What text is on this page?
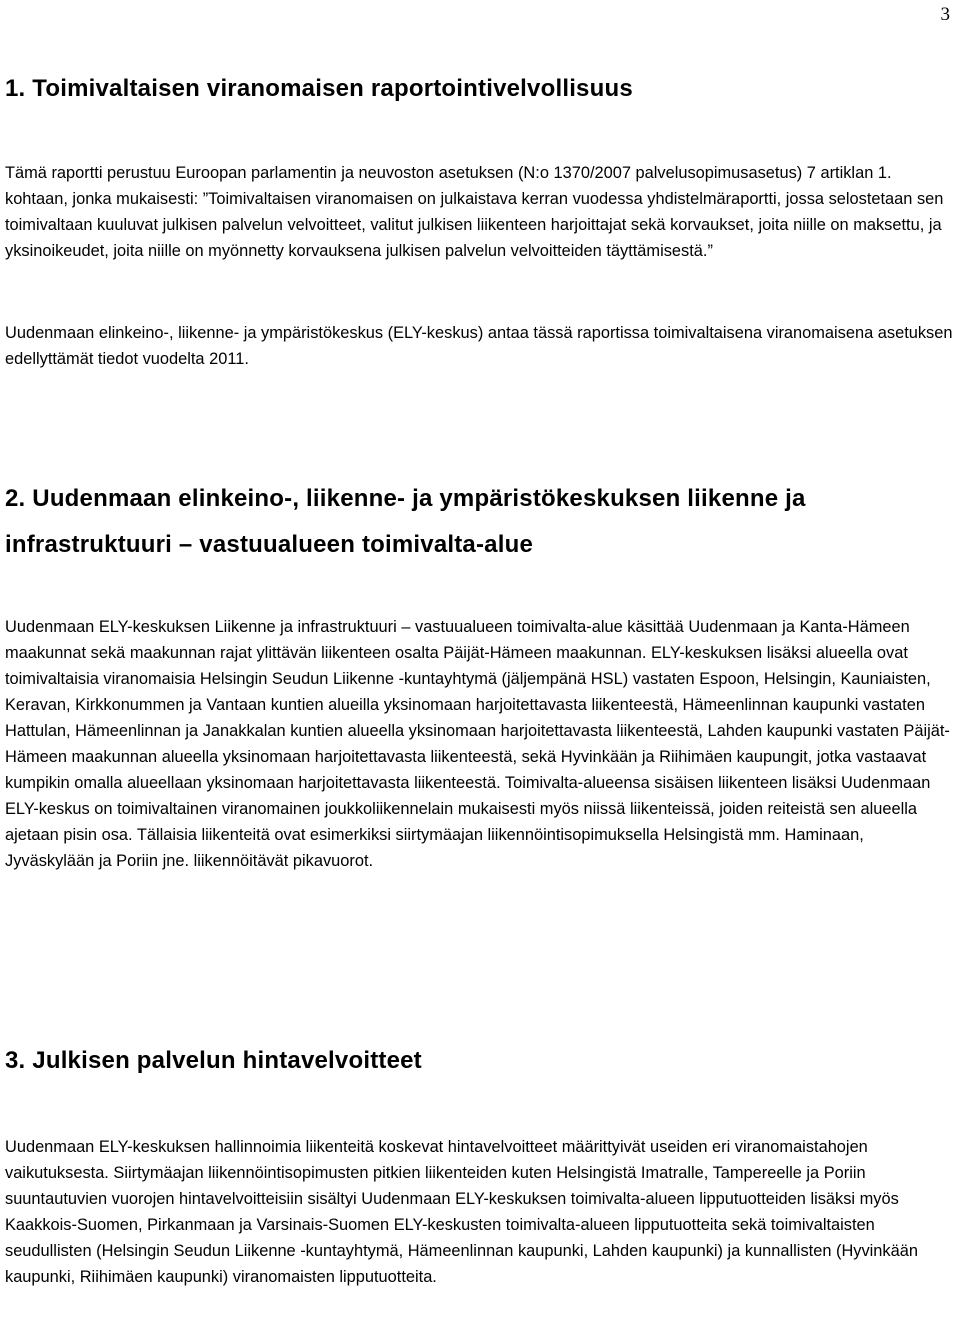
3
1. Toimivaltaisen viranomaisen raportointivelvollisuus

Tämä raportti perustuu Euroopan parlamentin ja neuvoston asetuksen (N:o 1370/2007 palvelusopimusasetus) 7 artiklan 1. kohtaan, jonka mukaisesti: ”Toimivaltaisen viranomaisen on julkaistava kerran vuodessa yhdistelmäraportti, jossa selostetaan sen toimivaltaan kuuluvat julkisen palvelun velvoitteet, valitut julkisen liikenteen harjoittajat sekä korvaukset, joita niille on maksettu, ja yksinoikeudet, joita niille on myönnetty korvauksena julkisen palvelun velvoitteiden täyttämisestä.”

Uudenmaan elinkeino-, liikenne- ja ympäristökeskus (ELY-keskus) antaa tässä raportissa toimivaltaisena viranomaisena asetuksen edellyttämät tiedot vuodelta 2011.

2. Uudenmaan elinkeino-, liikenne- ja ympäristökeskuksen liikenne ja infrastruktuuri – vastuualueen toimivalta-alue

Uudenmaan ELY-keskuksen Liikenne ja infrastruktuuri – vastuualueen toimivalta-alue käsittää Uudenmaan ja Kanta-Hämeen maakunnat sekä maakunnan rajat ylittävän liikenteen osalta Päijät-Hämeen maakunnan. ELY-keskuksen lisäksi alueella ovat toimivaltaisia viranomaisia Helsingin Seudun Liikenne -kuntayhtymä (jäljempänä HSL) vastaten Espoon, Helsingin, Kauniaisten, Keravan, Kirkkonummen ja Vantaan kuntien alueilla yksinomaan harjoitettavasta liikenteestä, Hämeenlinnan kaupunki vastaten Hattulan, Hämeenlinnan ja Janakkalan kuntien alueella yksinomaan harjoitettavasta liikenteestä, Lahden kaupunki vastaten Päijät-Hämeen maakunnan alueella yksinomaan harjoitettavasta liikenteestä, sekä Hyvinkään ja Riihimäen kaupungit, jotka vastaavat kumpikin omalla alueellaan yksinomaan harjoitettavasta liikenteestä. Toimivalta-alueensa sisäisen liikenteen lisäksi Uudenmaan ELY-keskus on toimivaltainen viranomainen joukkoliikennelain mukaisesti myös niissä liikenteissä, joiden reiteistä sen alueella ajetaan pisin osa. Tällaisia liikenteitä ovat esimerkiksi siirtymäajan liikennöintisopimuksella Helsingistä mm. Haminaan, Jyväskylään ja Poriin jne. liikennöitävät pikavuorot.

3. Julkisen palvelun hintavelvoitteet

Uudenmaan ELY-keskuksen hallinnoimia liikenteitä koskevat hintavelvoitteet määrittyivät useiden eri viranomaistahojen vaikutuksesta. Siirtymäajan liikennöintisopimusten pitkien liikenteiden kuten Helsingistä Imatralle, Tampereelle ja Poriin suuntautuvien vuorojen hintavelvoitteisiin sisältyi Uudenmaan ELY-keskuksen toimivalta-alueen lipputuotteiden lisäksi myös Kaakkois-Suomen, Pirkanmaan ja Varsinais-Suomen ELY-keskusten toimivalta-alueen lipputuotteita sekä toimivaltaisten seudullisten (Helsingin Seudun Liikenne -kuntayhtymä, Hämeenlinnan kaupunki, Lahden kaupunki) ja kunnallisten (Hyvinkään kaupunki, Riihimäen kaupunki) viranomaisten lipputuotteita.
